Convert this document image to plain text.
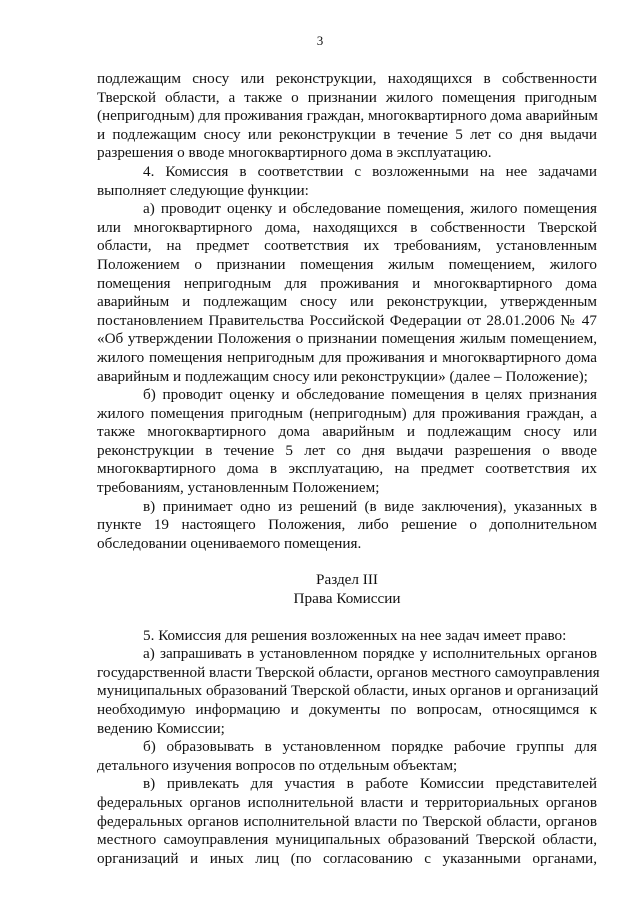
3
подлежащим сносу или реконструкции, находящихся в собственности
Тверской области, а также о признании жилого помещения пригодным
(непригодным) для проживания граждан, многоквартирного дома аварийным
и подлежащим сносу или реконструкции в течение 5 лет со дня выдачи
разрешения о вводе многоквартирного дома в эксплуатацию.
4. Комиссия в соответствии с возложенными на нее задачами
выполняет следующие функции:
а) проводит оценку и обследование помещения, жилого помещения
или многоквартирного дома, находящихся в собственности Тверской
области, на предмет соответствия их требованиям, установленным
Положением о признании помещения жилым помещением, жилого
помещения непригодным для проживания и многоквартирного дома
аварийным и подлежащим сносу или реконструкции, утвержденным
постановлением Правительства Российской Федерации от 28.01.2006 № 47
«Об утверждении Положения о признании помещения жилым помещением,
жилого помещения непригодным для проживания и многоквартирного дома
аварийным и подлежащим сносу или реконструкции» (далее – Положение);
б) проводит оценку и обследование помещения в целях признания
жилого помещения пригодным (непригодным) для проживания граждан, а
также многоквартирного дома аварийным и подлежащим сносу или
реконструкции в течение 5 лет со дня выдачи разрешения о вводе
многоквартирного дома в эксплуатацию, на предмет соответствия их
требованиям, установленным Положением;
в) принимает одно из решений (в виде заключения), указанных в
пункте 19 настоящего Положения, либо решение о дополнительном
обследовании оцениваемого помещения.
Раздел III
Права Комиссии
5. Комиссия для решения возложенных на нее задач имеет право:
а) запрашивать в установленном порядке у исполнительных органов
государственной власти Тверской области, органов местного самоуправления
муниципальных образований Тверской области, иных органов и организаций
необходимую информацию и документы по вопросам, относящимся к
ведению Комиссии;
б) образовывать в установленном порядке рабочие группы для
детального изучения вопросов по отдельным объектам;
в) привлекать для участия в работе Комиссии представителей
федеральных органов исполнительной власти и территориальных органов
федеральных органов исполнительной власти по Тверской области, органов
местного самоуправления муниципальных образований Тверской области,
организаций и иных лиц (по согласованию с указанными органами,
